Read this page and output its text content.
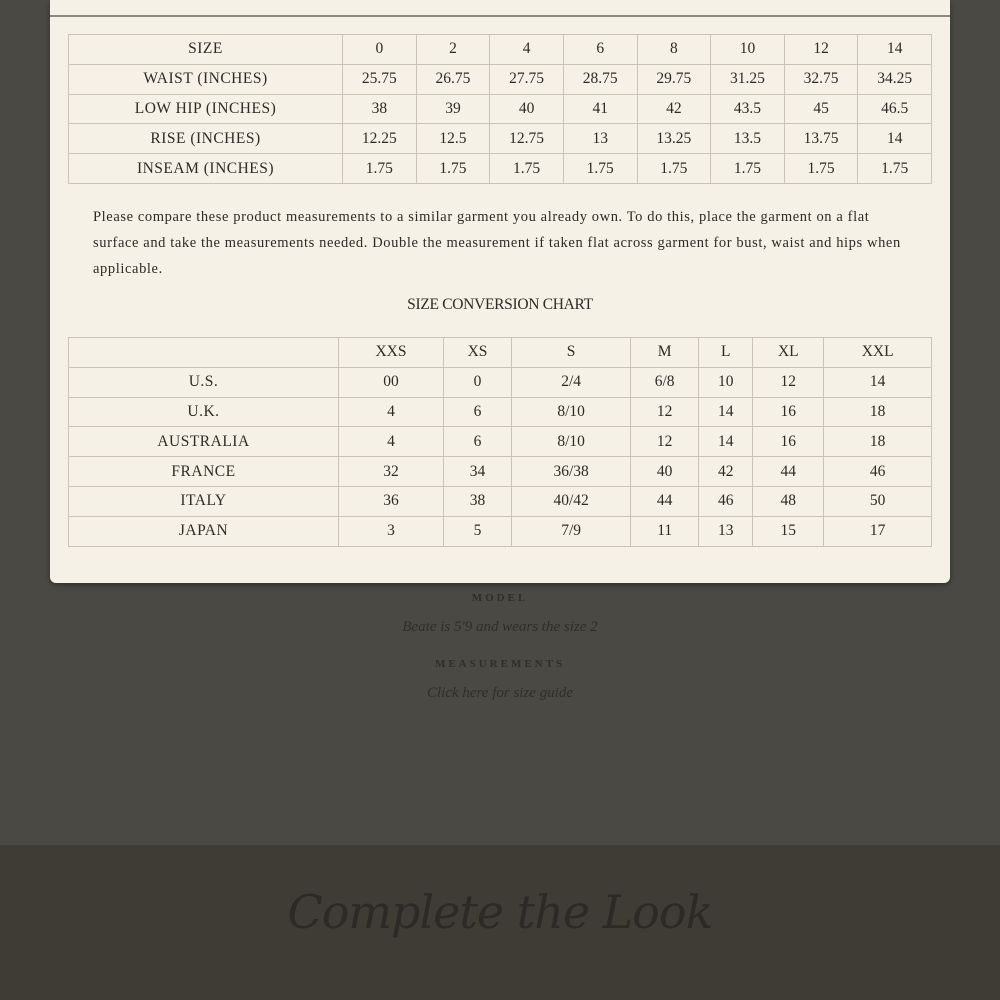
MODEL
Beate is 5'9 and wears the size 2
MEASUREMENTS
Click here for size guide
Complete the Look
SIZE	0	2	4	6	8	10	12	14
WAIST (INCHES)	25.75	26.75	27.75	28.75	29.75	31.25	32.75	34.25
LOW HIP (INCHES)	38	39	40	41	42	43.5	45	46.5
RISE (INCHES)	12.25	12.5	12.75	13	13.25	13.5	13.75	14
INSEAM (INCHES)	1.75	1.75	1.75	1.75	1.75	1.75	1.75	1.75
Please compare these product measurements to a similar garment you already own. To do this, place the garment on a flat surface and take the measurements needed. Double the measurement if taken flat across garment for bust, waist and hips when applicable.
SIZE CONVERSION CHART
	XXS	XS	S	M	L	XL	XXL
U.S.	00	0	2/4	6/8	10	12	14
U.K.	4	6	8/10	12	14	16	18
AUSTRALIA	4	6	8/10	12	14	16	18
FRANCE	32	34	36/38	40	42	44	46
ITALY	36	38	40/42	44	46	48	50
JAPAN	3	5	7/9	11	13	15	17
